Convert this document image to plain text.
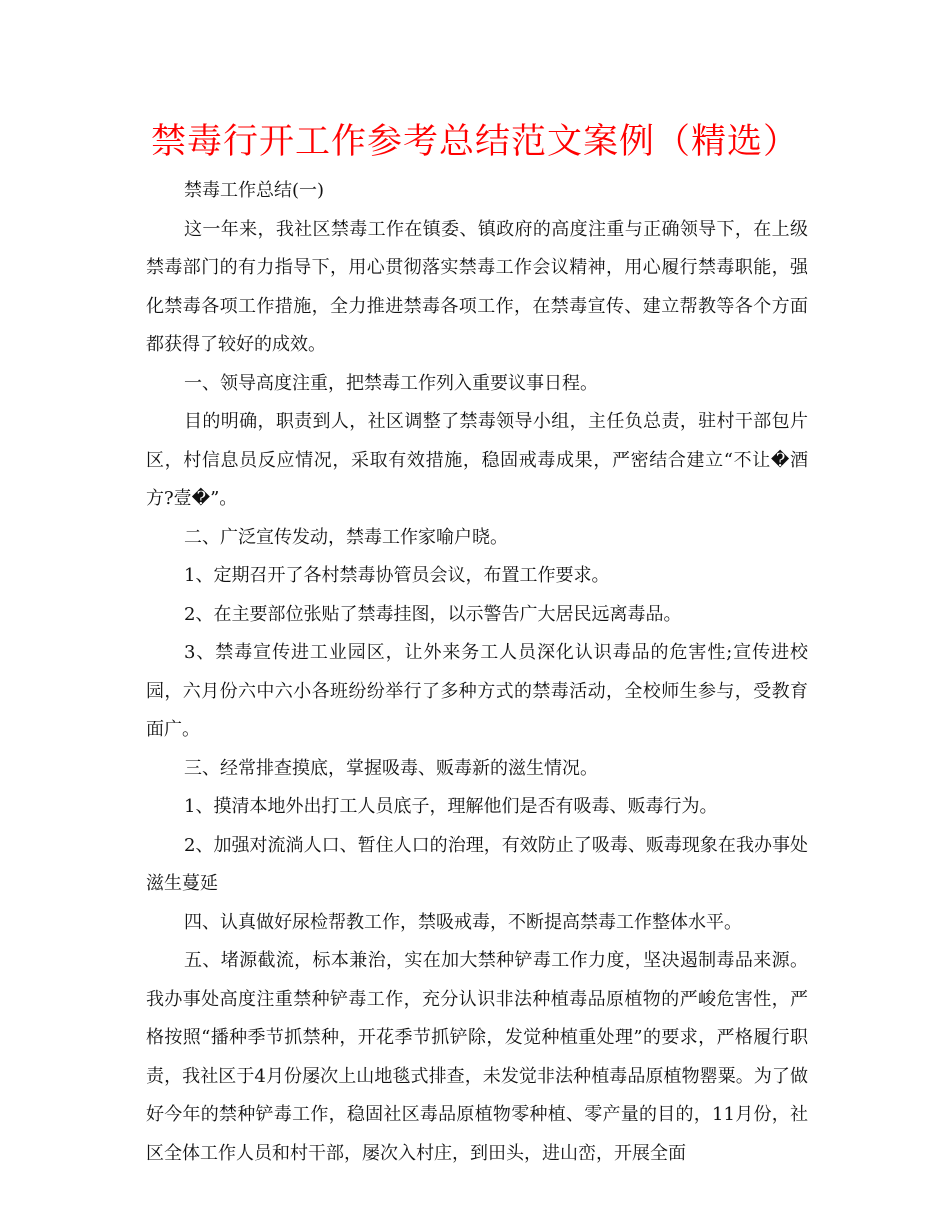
禁毒行开工作参考总结范文案例（精选）

禁毒工作总结(一)

这一年来，我社区禁毒工作在镇委、镇政府的高度注重与正确领导下，在上级禁毒部门的有力指导下，用心贯彻落实禁毒工作会议精神，用心履行禁毒职能，强化禁毒各项工作措施，全力推进禁毒各项工作，在禁毒宣传、建立帮教等各个方面都获得了较好的成效。

一、领导高度注重，把禁毒工作列入重要议事日程。

目的明确，职责到人，社区调整了禁毒领导小组，主任负总责，驻村干部包片区，村信息员反应情况，采取有效措施，稳固戒毒成果，严密结合建立“不让�酒方?壹�”。

二、广泛宣传发动，禁毒工作家喻户晓。

1、定期召开了各村禁毒协管员会议，布置工作要求。

2、在主要部位张贴了禁毒挂图，以示警告广大居民远离毒品。

3、禁毒宣传进工业园区，让外来务工人员深化认识毒品的危害性;宣传进校园，六月份六中六小各班纷纷举行了多种方式的禁毒活动，全校师生参与，受教育面广。

三、经常排查摸底，掌握吸毒、贩毒新的滋生情况。

1、摸清本地外出打工人员底子，理解他们是否有吸毒、贩毒行为。

2、加强对流淌人口、暂住人口的治理，有效防止了吸毒、贩毒现象在我办事处滋生蔓延

四、认真做好尿检帮教工作，禁吸戒毒，不断提高禁毒工作整体水平。

五、堵源截流，标本兼治，实在加大禁种铲毒工作力度，坚决遏制毒品来源。我办事处高度注重禁种铲毒工作，充分认识非法种植毒品原植物的严峻危害性，严格按照“播种季节抓禁种，开花季节抓铲除，发觉种植重处理”的要求，严格履行职责，我社区于4月份屡次上山地毯式排查，未发觉非法种植毒品原植物罂粟。为了做好今年的禁种铲毒工作，稳固社区毒品原植物零种植、零产量的目的，11月份，社区全体工作人员和村干部，屡次入村庄，到田头，进山峦，开展全面
